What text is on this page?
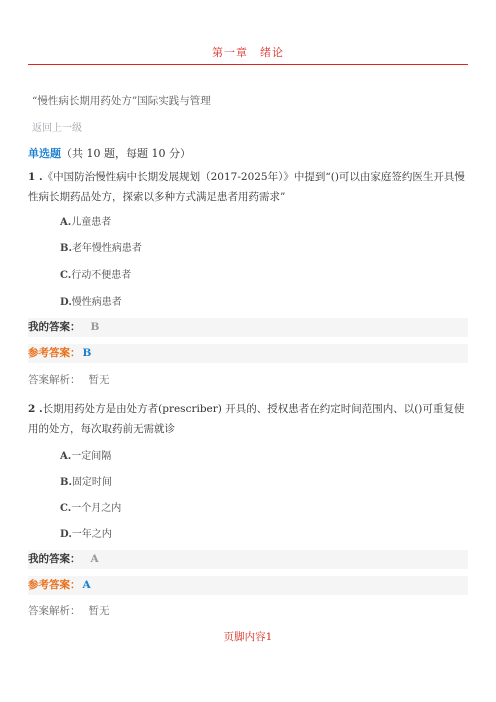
第一章　绪论
“慢性病长期用药处方”国际实践与管理
返回上一级
单选题（共 10 题，每题 10 分）
1 .《中国防治慢性病中长期发展规划（2017-2025年）》中提到“()可以由家庭签约医生开具慢性病长期药品处方，探索以多种方式满足患者用药需求”
A.儿童患者
B.老年慢性病患者
C.行动不便患者
D.慢性病患者
我的答案： B
参考答案： B
答案解析： 暂无
2 .长期用药处方是由处方者(prescriber) 开具的、授权患者在约定时间范围内、以()可重复使用的处方，每次取药前无需就诊
A.一定间隔
B.固定时间
C.一个月之内
D.一年之内
我的答案： A
参考答案： A
答案解析： 暂无
页脚内容1
